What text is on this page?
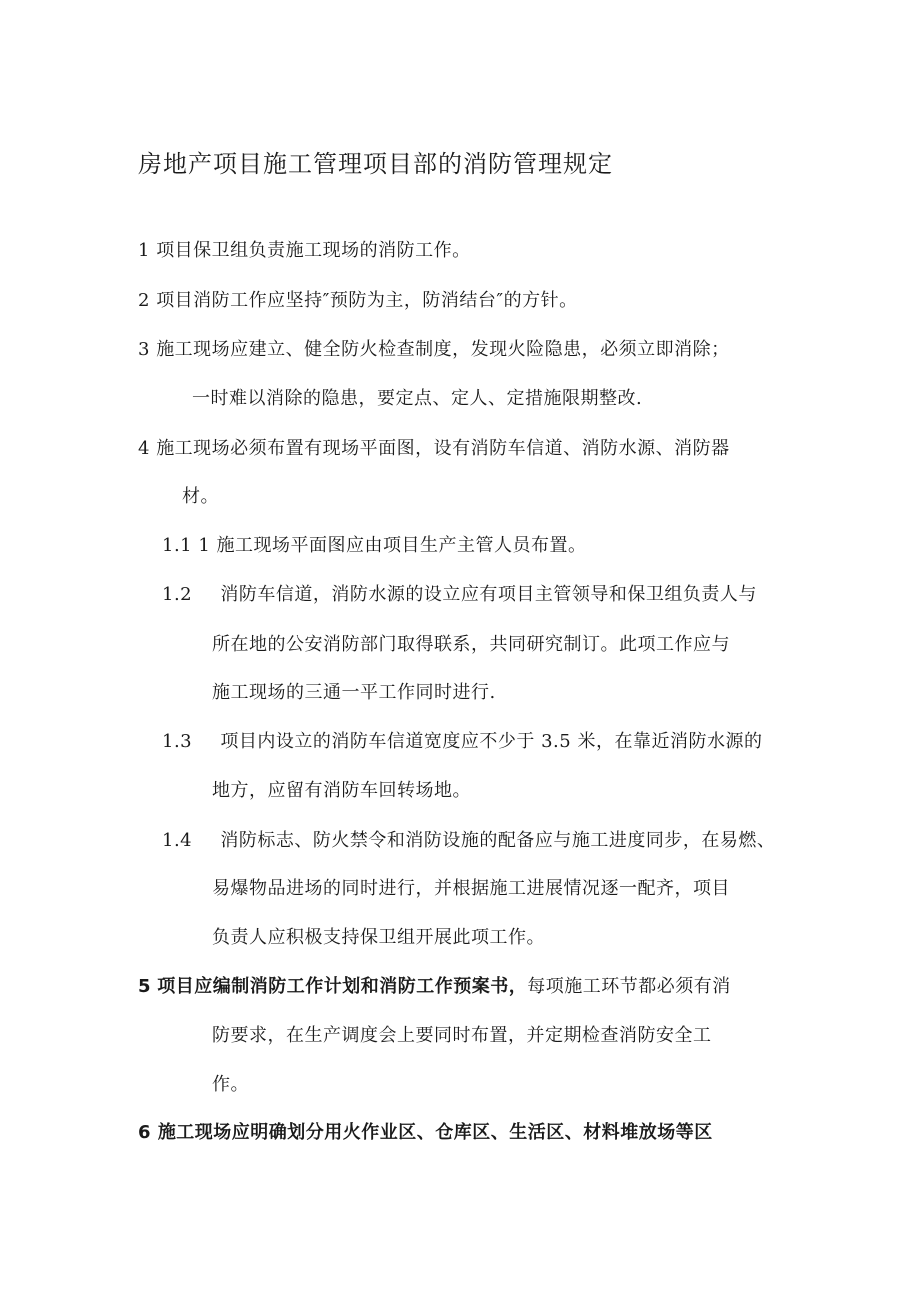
房地产项目施工管理项目部的消防管理规定
1 项目保卫组负责施工现场的消防工作。
2 项目消防工作应坚持″预防为主，防消结台″的方针。
3 施工现场应建立、健全防火检查制度，发现火险隐患，必须立即消除；
一时难以消除的隐患，要定点、定人、定措施限期整改.
4 施工现场必须布置有现场平面图，设有消防车信道、消防水源、消防器
材。
1.1 1 施工现场平面图应由项目生产主管人员布置。
1.2 消防车信道，消防水源的设立应有项目主管领导和保卫组负责人与
所在地的公安消防部门取得联系，共同研究制订。此项工作应与
施工现场的三通一平工作同时进行.
1.3 项目内设立的消防车信道宽度应不少于 3.5 米，在靠近消防水源的
地方，应留有消防车回转场地。
1.4 消防标志、防火禁令和消防设施的配备应与施工进度同步，在易燃、
易爆物品进场的同时进行，并根据施工进展情况逐一配齐，项目
负责人应积极支持保卫组开展此项工作。
5 项目应编制消防工作计划和消防工作预案书，每项施工环节都必须有消
防要求，在生产调度会上要同时布置，并定期检查消防安全工
作。
6 施工现场应明确划分用火作业区、仓库区、生活区、材料堆放场等区
